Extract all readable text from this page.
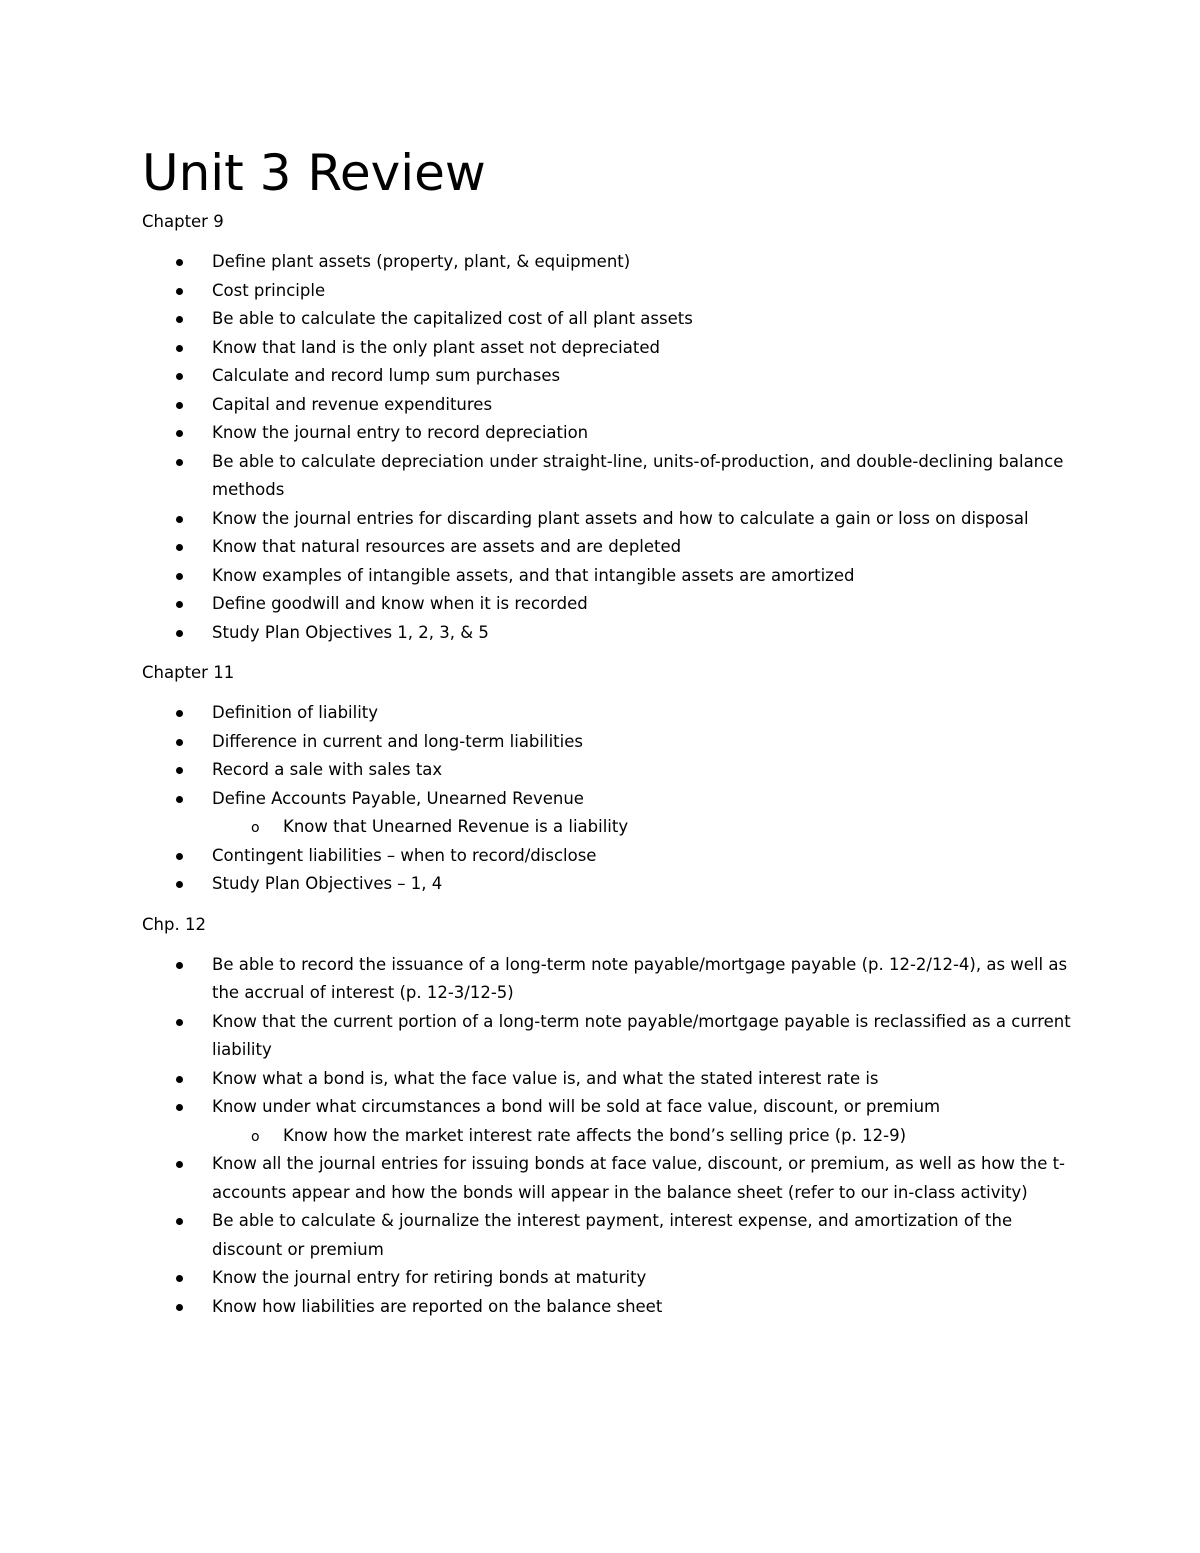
Unit 3 Review
Chapter 9
Define plant assets (property, plant, & equipment)
Cost principle
Be able to calculate the capitalized cost of all plant assets
Know that land is the only plant asset not depreciated
Calculate and record lump sum purchases
Capital and revenue expenditures
Know the journal entry to record depreciation
Be able to calculate depreciation under straight-line, units-of-production, and double-declining balance methods
Know the journal entries for discarding plant assets and how to calculate a gain or loss on disposal
Know that natural resources are assets and are depleted
Know examples of intangible assets, and that intangible assets are amortized
Define goodwill and know when it is recorded
Study Plan Objectives 1, 2, 3, & 5
Chapter 11
Definition of liability
Difference in current and long-term liabilities
Record a sale with sales tax
Define Accounts Payable, Unearned Revenue
o Know that Unearned Revenue is a liability
Contingent liabilities – when to record/disclose
Study Plan Objectives – 1, 4
Chp. 12
Be able to record the issuance of a long-term note payable/mortgage payable (p. 12-2/12-4), as well as the accrual of interest (p. 12-3/12-5)
Know that the current portion of a long-term note payable/mortgage payable is reclassified as a current liability
Know what a bond is, what the face value is, and what the stated interest rate is
Know under what circumstances a bond will be sold at face value, discount, or premium
o Know how the market interest rate affects the bond’s selling price (p. 12-9)
Know all the journal entries for issuing bonds at face value, discount, or premium, as well as how the t-accounts appear and how the bonds will appear in the balance sheet (refer to our in-class activity)
Be able to calculate & journalize the interest payment, interest expense, and amortization of the discount or premium
Know the journal entry for retiring bonds at maturity
Know how liabilities are reported on the balance sheet
